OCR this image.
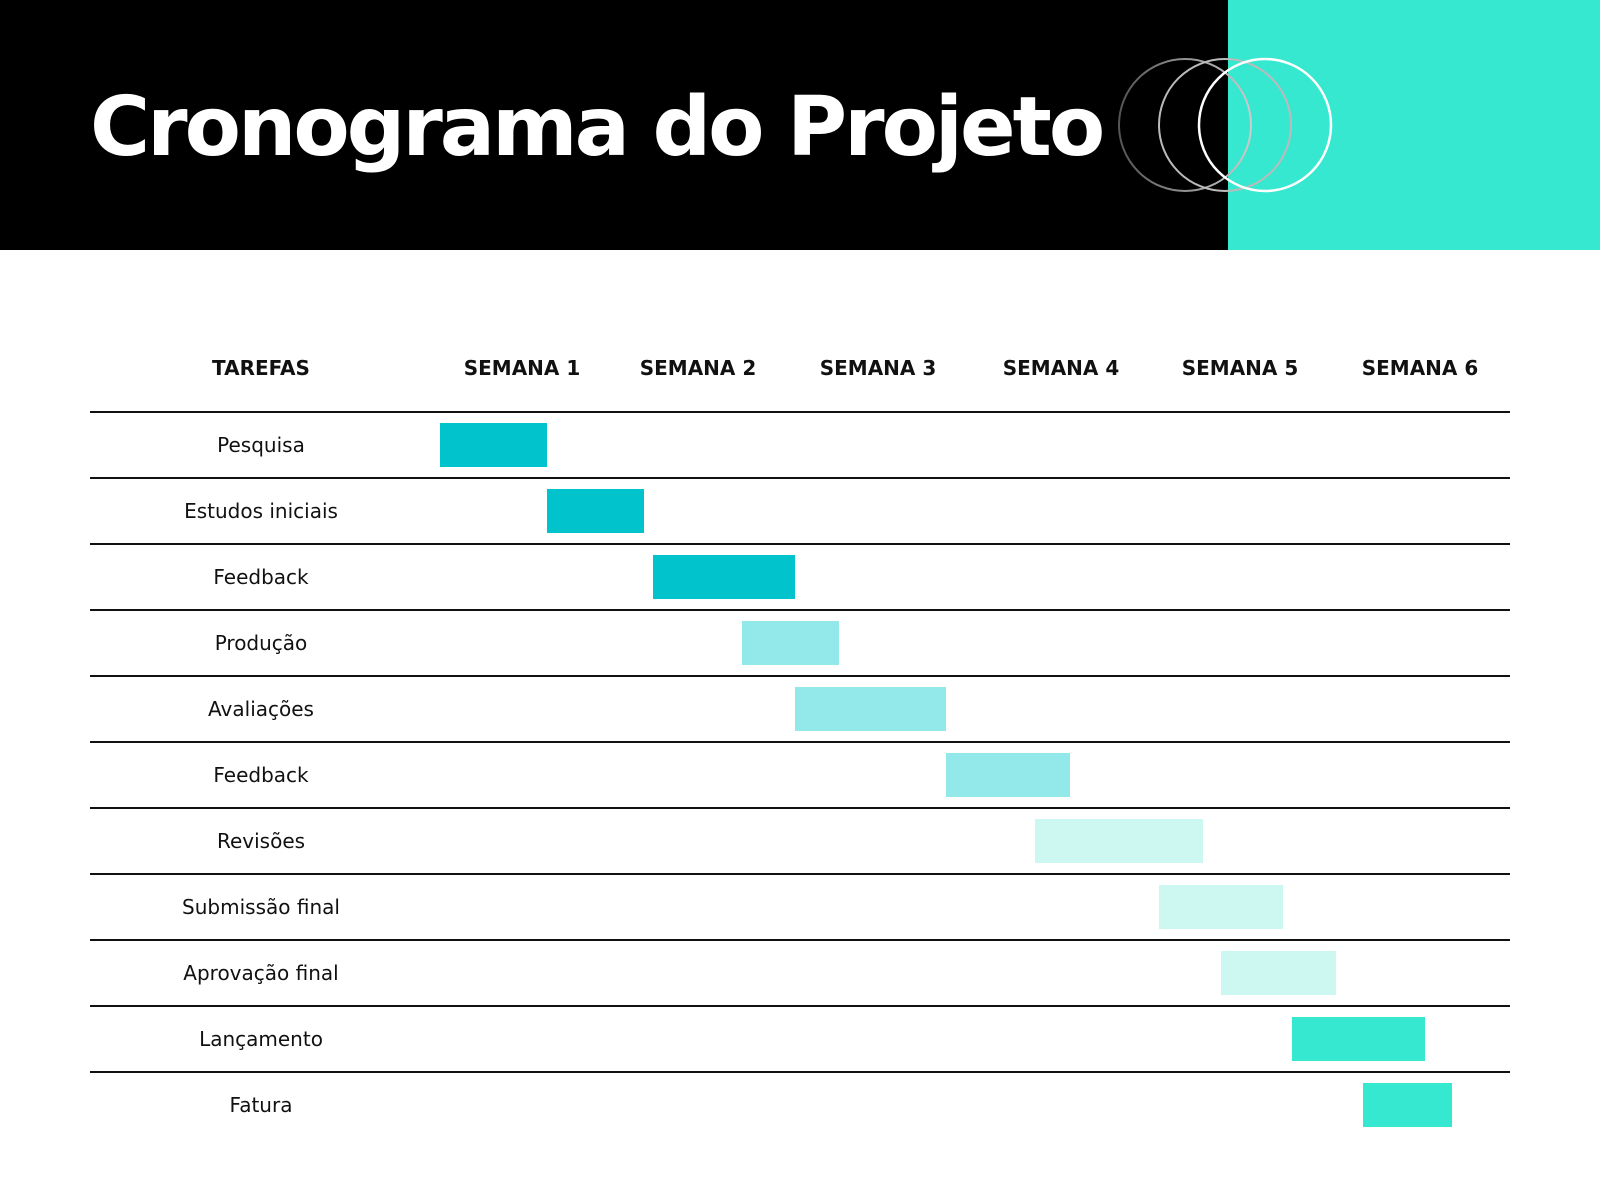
Cronograma do Projeto
TAREFAS	SEMANA 1	SEMANA 2	SEMANA 3	SEMANA 4	SEMANA 5	SEMANA 6
Pesquisa
Estudos iniciais
Feedback
Produção
Avaliações
Feedback
Revisões
Submissão final
Aprovação final
Lançamento
Fatura
